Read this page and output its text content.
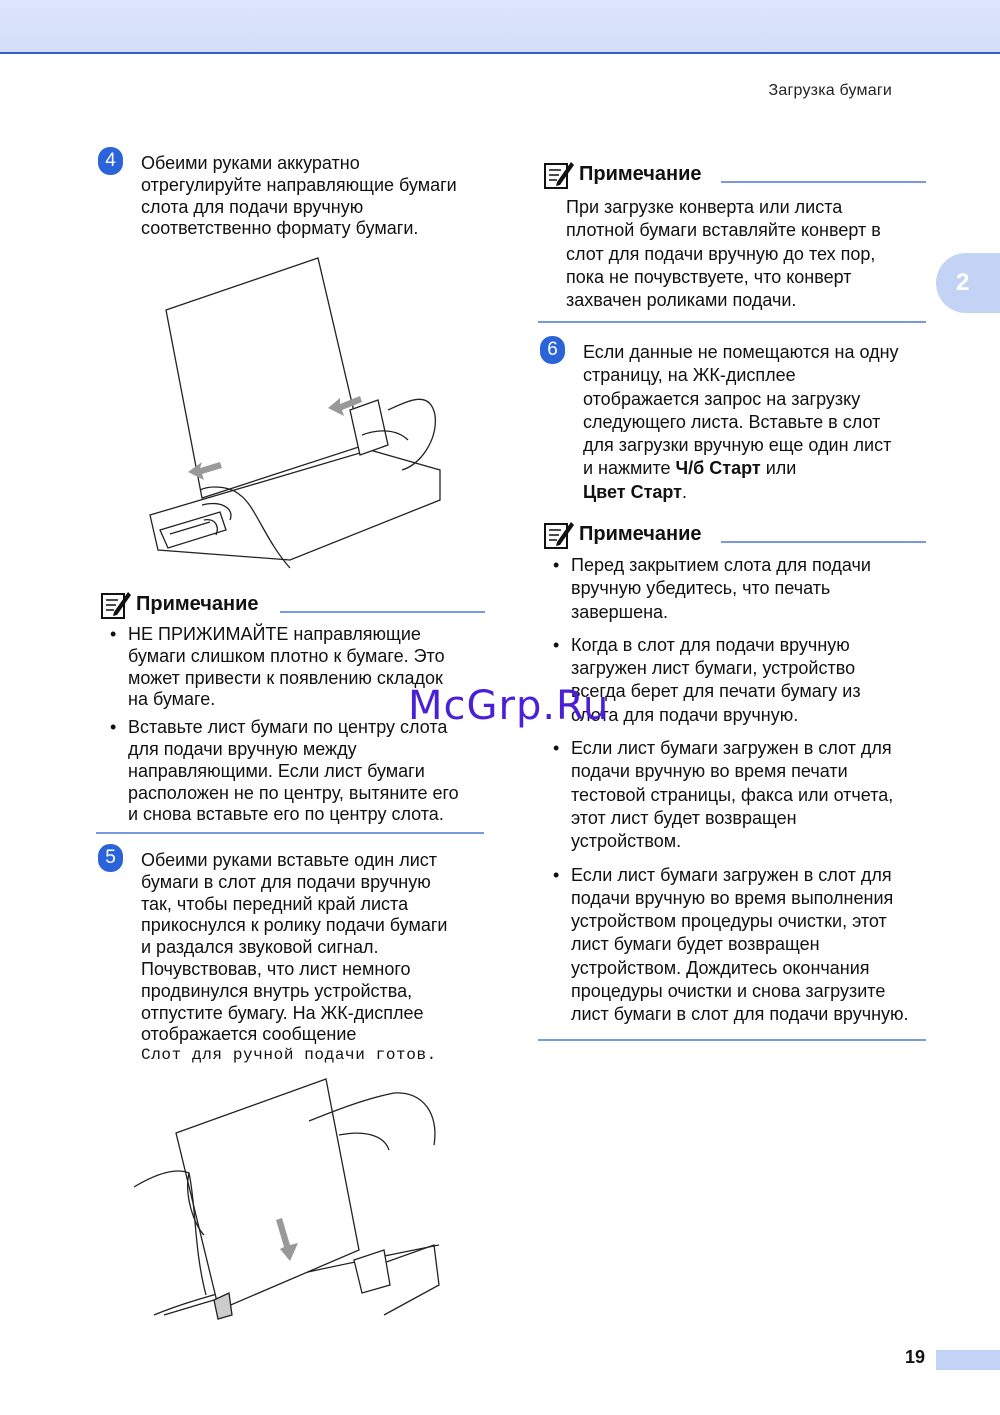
Загрузка бумаги
2
4	Обеими руками аккуратно
отрегулируйте направляющие бумаги
слота для подачи вручную
соответственно формату бумаги.
Примечание
• НЕ ПРИЖИМАЙТЕ направляющие
бумаги слишком плотно к бумаге. Это
может привести к появлению складок
на бумаге.
• Вставьте лист бумаги по центру слота
для подачи вручную между
направляющими. Если лист бумаги
расположен не по центру, вытяните его
и снова вставьте его по центру слота.
5	Обеими руками вставьте один лист
бумаги в слот для подачи вручную
так, чтобы передний край листа
прикоснулся к ролику подачи бумаги
и раздался звуковой сигнал.
Почувствовав, что лист немного
продвинулся внутрь устройства,
отпустите бумагу. На ЖК-дисплее
отображается сообщение
Слот для ручной подачи готов.
Примечание
При загрузке конверта или листа
плотной бумаги вставляйте конверт в
слот для подачи вручную до тех пор,
пока не почувствуете, что конверт
захвачен роликами подачи.
6	Если данные не помещаются на одну
страницу, на ЖК-дисплее
отображается запрос на загрузку
следующего листа. Вставьте в слот
для загрузки вручную еще один лист
и нажмите Ч/б Старт или
Цвет Старт.
Примечание
• Перед закрытием слота для подачи
вручную убедитесь, что печать
завершена.
• Когда в слот для подачи вручную
загружен лист бумаги, устройство
всегда берет для печати бумагу из
слота для подачи вручную.
• Если лист бумаги загружен в слот для
подачи вручную во время печати
тестовой страницы, факса или отчета,
этот лист будет возвращен
устройством.
• Если лист бумаги загружен в слот для
подачи вручную во время выполнения
устройством процедуры очистки, этот
лист бумаги будет возвращен
устройством. Дождитесь окончания
процедуры очистки и снова загрузите
лист бумаги в слот для подачи вручную.
McGrp.Ru
19
